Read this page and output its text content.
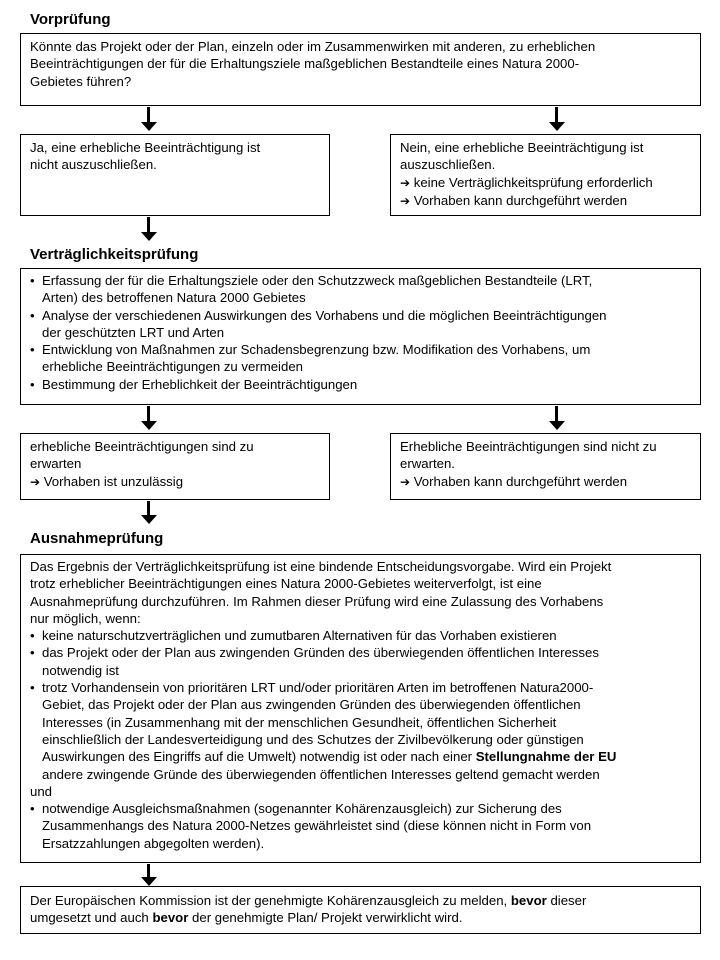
Vorprüfung
Könnte das Projekt oder der Plan, einzeln oder im Zusammenwirken mit anderen, zu erheblichen
Beeinträchtigungen der für die Erhaltungsziele maßgeblichen Bestandteile eines Natura 2000-
Gebietes führen?
Ja, eine erhebliche Beeinträchtigung ist
nicht auszuschließen.
Nein, eine erhebliche Beeinträchtigung ist
auszuschließen.
➔ keine Verträglichkeitsprüfung erforderlich
➔ Vorhaben kann durchgeführt werden
Verträglichkeitsprüfung
• Erfassung der für die Erhaltungsziele oder den Schutzzweck maßgeblichen Bestandteile (LRT,
Arten) des betroffenen Natura 2000 Gebietes
• Analyse der verschiedenen Auswirkungen des Vorhabens und die möglichen Beeinträchtigungen
der geschützten LRT und Arten
• Entwicklung von Maßnahmen zur Schadensbegrenzung bzw. Modifikation des Vorhabens, um
erhebliche Beeinträchtigungen zu vermeiden
• Bestimmung der Erheblichkeit der Beeinträchtigungen
erhebliche Beeinträchtigungen sind zu
erwarten
➔ Vorhaben ist unzulässig
Erhebliche Beeinträchtigungen sind nicht zu
erwarten.
➔ Vorhaben kann durchgeführt werden
Ausnahmeprüfung
Das Ergebnis der Verträglichkeitsprüfung ist eine bindende Entscheidungsvorgabe. Wird ein Projekt
trotz erheblicher Beeinträchtigungen eines Natura 2000-Gebietes weiterverfolgt, ist eine
Ausnahmeprüfung durchzuführen. Im Rahmen dieser Prüfung wird eine Zulassung des Vorhabens
nur möglich, wenn:
• keine naturschutzverträglichen und zumutbaren Alternativen für das Vorhaben existieren
• das Projekt oder der Plan aus zwingenden Gründen des überwiegenden öffentlichen Interesses
notwendig ist
• trotz Vorhandensein von prioritären LRT und/oder prioritären Arten im betroffenen Natura2000-
Gebiet, das Projekt oder der Plan aus zwingenden Gründen des überwiegenden öffentlichen
Interesses (in Zusammenhang mit der menschlichen Gesundheit, öffentlichen Sicherheit
einschließlich der Landesverteidigung und des Schutzes der Zivilbevölkerung oder günstigen
Auswirkungen des Eingriffs auf die Umwelt) notwendig ist oder nach einer Stellungnahme der EU
andere zwingende Gründe des überwiegenden öffentlichen Interesses geltend gemacht werden
und
• notwendige Ausgleichsmaßnahmen (sogenannter Kohärenzausgleich) zur Sicherung des
Zusammenhangs des Natura 2000-Netzes gewährleistet sind (diese können nicht in Form von
Ersatzzahlungen abgegolten werden).
Der Europäischen Kommission ist der genehmigte Kohärenzausgleich zu melden, bevor dieser
umgesetzt und auch bevor der genehmigte Plan/ Projekt verwirklicht wird.
